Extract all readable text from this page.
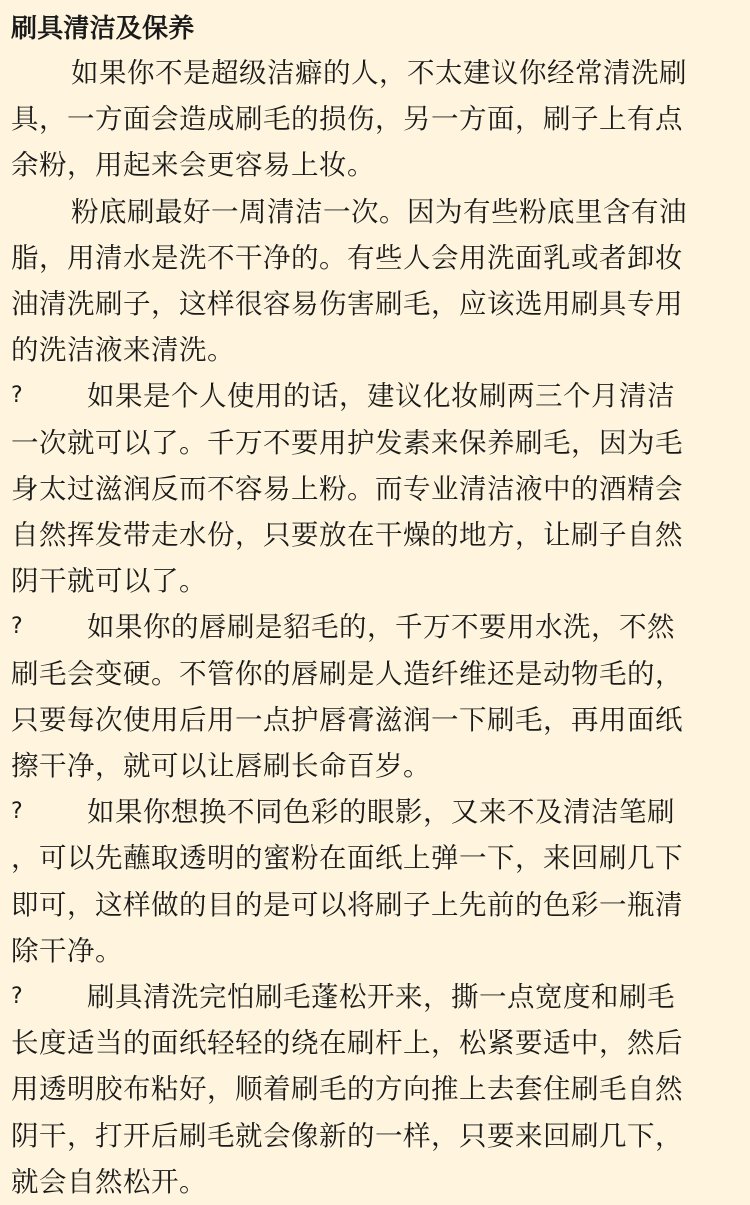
刷具清洁及保养

如果你不是超级洁癖的人，不太建议你经常清洗刷

具，一方面会造成刷毛的损伤，另一方面，刷子上有点

余粉，用起来会更容易上妆。

粉底刷最好一周清洁一次。因为有些粉底里含有油

脂，用清水是洗不干净的。有些人会用洗面乳或者卸妆

油清洗刷子，这样很容易伤害刷毛，应该选用刷具专用

的洗洁液来清洗。

? 如果是个人使用的话，建议化妆刷两三个月清洁

一次就可以了。千万不要用护发素来保养刷毛，因为毛

身太过滋润反而不容易上粉。而专业清洁液中的酒精会

自然挥发带走水份，只要放在干燥的地方，让刷子自然

阴干就可以了。

? 如果你的唇刷是貂毛的，千万不要用水洗，不然

刷毛会变硬。不管你的唇刷是人造纤维还是动物毛的，

只要每次使用后用一点护唇膏滋润一下刷毛，再用面纸

擦干净，就可以让唇刷长命百岁。

? 如果你想换不同色彩的眼影，又来不及清洁笔刷

，可以先蘸取透明的蜜粉在面纸上弹一下，来回刷几下

即可，这样做的目的是可以将刷子上先前的色彩一瓶清

除干净。

? 刷具清洗完怕刷毛蓬松开来，撕一点宽度和刷毛

长度适当的面纸轻轻的绕在刷杆上，松紧要适中，然后

用透明胶布粘好，顺着刷毛的方向推上去套住刷毛自然

阴干，打开后刷毛就会像新的一样，只要来回刷几下，

就会自然松开。
